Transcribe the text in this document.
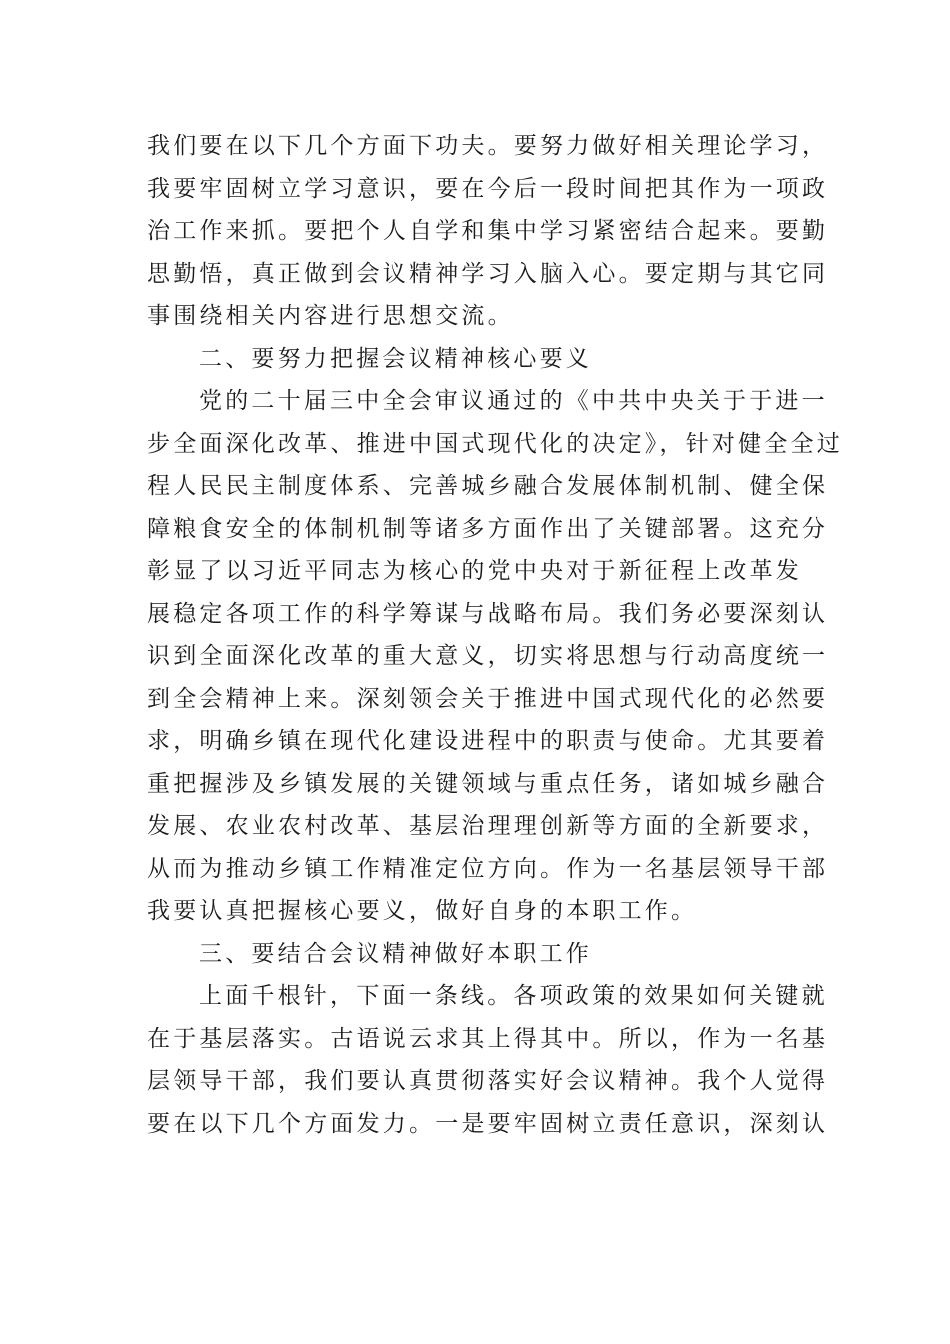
我们要在以下几个方面下功夫。要努力做好相关理论学习，
我要牢固树立学习意识，要在今后一段时间把其作为一项政
治工作来抓。要把个人自学和集中学习紧密结合起来。要勤
思勤悟，真正做到会议精神学习入脑入心。要定期与其它同
事围绕相关内容进行思想交流。
二、要努力把握会议精神核心要义
党的二十届三中全会审议通过的《中共中央关于于进一
步全面深化改革、推进中国式现代化的决定》，针对健全全过
程人民民主制度体系、完善城乡融合发展体制机制、健全保
障粮食安全的体制机制等诸多方面作出了关键部署。这充分
彰显了以习近平同志为核心的党中央对于新征程上改革发
展稳定各项工作的科学筹谋与战略布局。我们务必要深刻认
识到全面深化改革的重大意义，切实将思想与行动高度统一
到全会精神上来。深刻领会关于推进中国式现代化的必然要
求，明确乡镇在现代化建设进程中的职责与使命。尤其要着
重把握涉及乡镇发展的关键领域与重点任务，诸如城乡融合
发展、农业农村改革、基层治理理创新等方面的全新要求，
从而为推动乡镇工作精准定位方向。作为一名基层领导干部
我要认真把握核心要义，做好自身的本职工作。
三、要结合会议精神做好本职工作
上面千根针，下面一条线。各项政策的效果如何关键就
在于基层落实。古语说云求其上得其中。所以，作为一名基
层领导干部，我们要认真贯彻落实好会议精神。我个人觉得
要在以下几个方面发力。一是要牢固树立责任意识，深刻认
